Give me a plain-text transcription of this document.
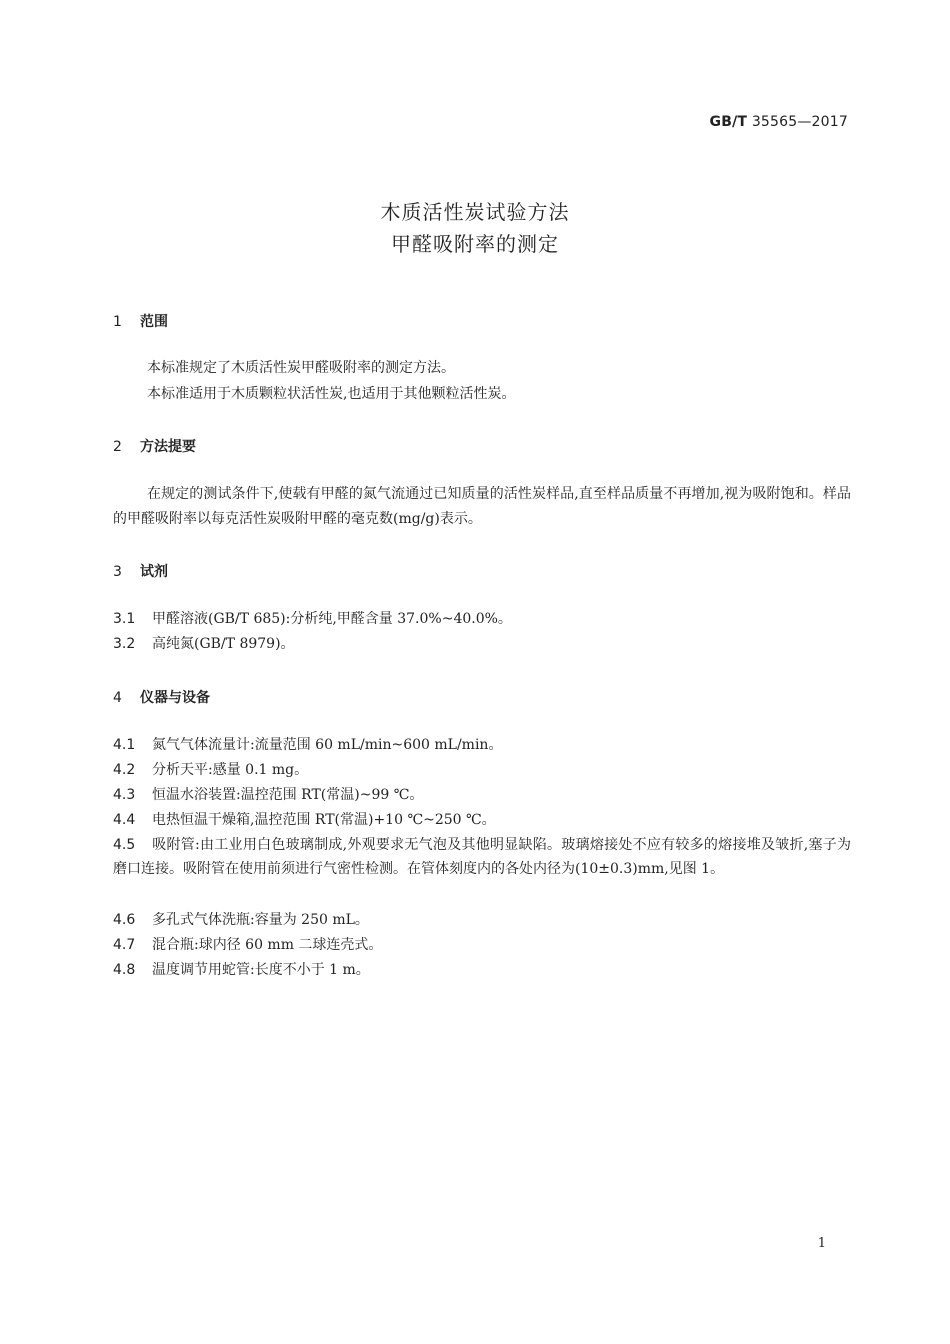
GB/T 35565—2017
木质活性炭试验方法
甲醛吸附率的测定
1 范围
本标准规定了木质活性炭甲醛吸附率的测定方法。
本标准适用于木质颗粒状活性炭,也适用于其他颗粒活性炭。
2 方法提要
在规定的测试条件下,使载有甲醛的氮气流通过已知质量的活性炭样品,直至样品质量不再增加,视为吸附饱和。样品的甲醛吸附率以每克活性炭吸附甲醛的毫克数(mg/g)表示。
3 试剂
3.1 甲醛溶液(GB/T 685):分析纯,甲醛含量 37.0%~40.0%。
3.2 高纯氮(GB/T 8979)。
4 仪器与设备
4.1 氮气气体流量计:流量范围 60 mL/min~600 mL/min。
4.2 分析天平:感量 0.1 mg。
4.3 恒温水浴装置:温控范围 RT(常温)~99 ℃。
4.4 电热恒温干燥箱,温控范围 RT(常温)+10 ℃~250 ℃。
4.5 吸附管:由工业用白色玻璃制成,外观要求无气泡及其他明显缺陷。玻璃熔接处不应有较多的熔接堆及皱折,塞子为磨口连接。吸附管在使用前须进行气密性检测。在管体刻度内的各处内径为(10±0.3)mm,见图 1。
4.6 多孔式气体洗瓶:容量为 250 mL。
4.7 混合瓶:球内径 60 mm 二球连壳式。
4.8 温度调节用蛇管:长度不小于 1 m。
1
